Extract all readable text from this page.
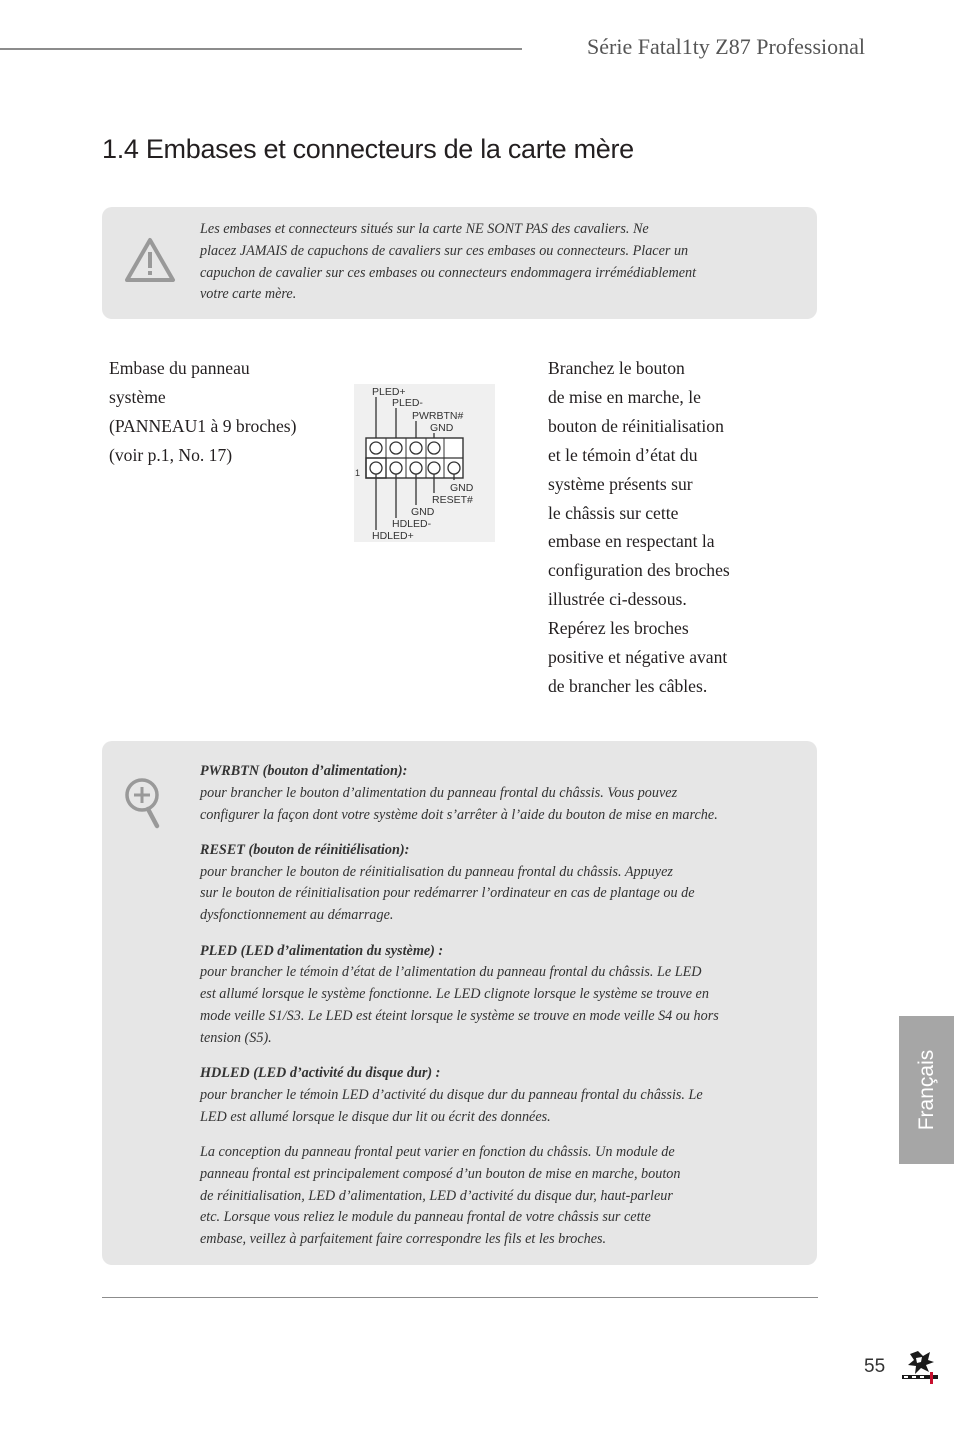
Série Fatal1ty Z87 Professional
1.4 Embases et connecteurs de la carte mère

Les embases et connecteurs situés sur la carte NE SONT PAS des cavaliers. Ne
placez JAMAIS de capuchons de cavaliers sur ces embases ou connecteurs. Placer un
capuchon de cavalier sur ces embases ou connecteurs endommagera irrémédiablement
votre carte mère.

Embase du panneau
système
(PANNEAU1 à 9 broches)
(voir p.1, No. 17)

PLED+
PLED-
PWRBTN#
GND
1
GND
RESET#
GND
HDLED-
HDLED+

Branchez le bouton
de mise en marche, le
bouton de réinitialisation
et le témoin d’état du
système présents sur
le châssis sur cette
embase en respectant la
configuration des broches
illustrée ci-dessous.
Repérez les broches
positive et négative avant
de brancher les câbles.

PWRBTN (bouton d’alimentation):
pour brancher le bouton d’alimentation du panneau frontal du châssis. Vous pouvez
configurer la façon dont votre système doit s’arrêter à l’aide du bouton de mise en marche.

RESET (bouton de réinitiélisation):
pour brancher le bouton de réinitialisation du panneau frontal du châssis. Appuyez
sur le bouton de réinitialisation pour redémarrer l’ordinateur en cas de plantage ou de
dysfonctionnement au démarrage.

PLED (LED d’alimentation du système) :
pour brancher le témoin d’état de l’alimentation du panneau frontal du châssis. Le LED
est allumé lorsque le système fonctionne. Le LED clignote lorsque le système se trouve en
mode veille S1/S3. Le LED est éteint lorsque le système se trouve en mode veille S4 ou hors
tension (S5).

HDLED (LED d’activité du disque dur) :
pour brancher le témoin LED d’activité du disque dur du panneau frontal du châssis. Le
LED est allumé lorsque le disque dur lit ou écrit des données.

La conception du panneau frontal peut varier en fonction du châssis. Un module de
panneau frontal est principalement composé d’un bouton de mise en marche, bouton
de réinitialisation, LED d’alimentation, LED d’activité du disque dur, haut-parleur
etc. Lorsque vous reliez le module du panneau frontal de votre châssis sur cette
embase, veillez à parfaitement faire correspondre les fils et les broches.

Français
55
